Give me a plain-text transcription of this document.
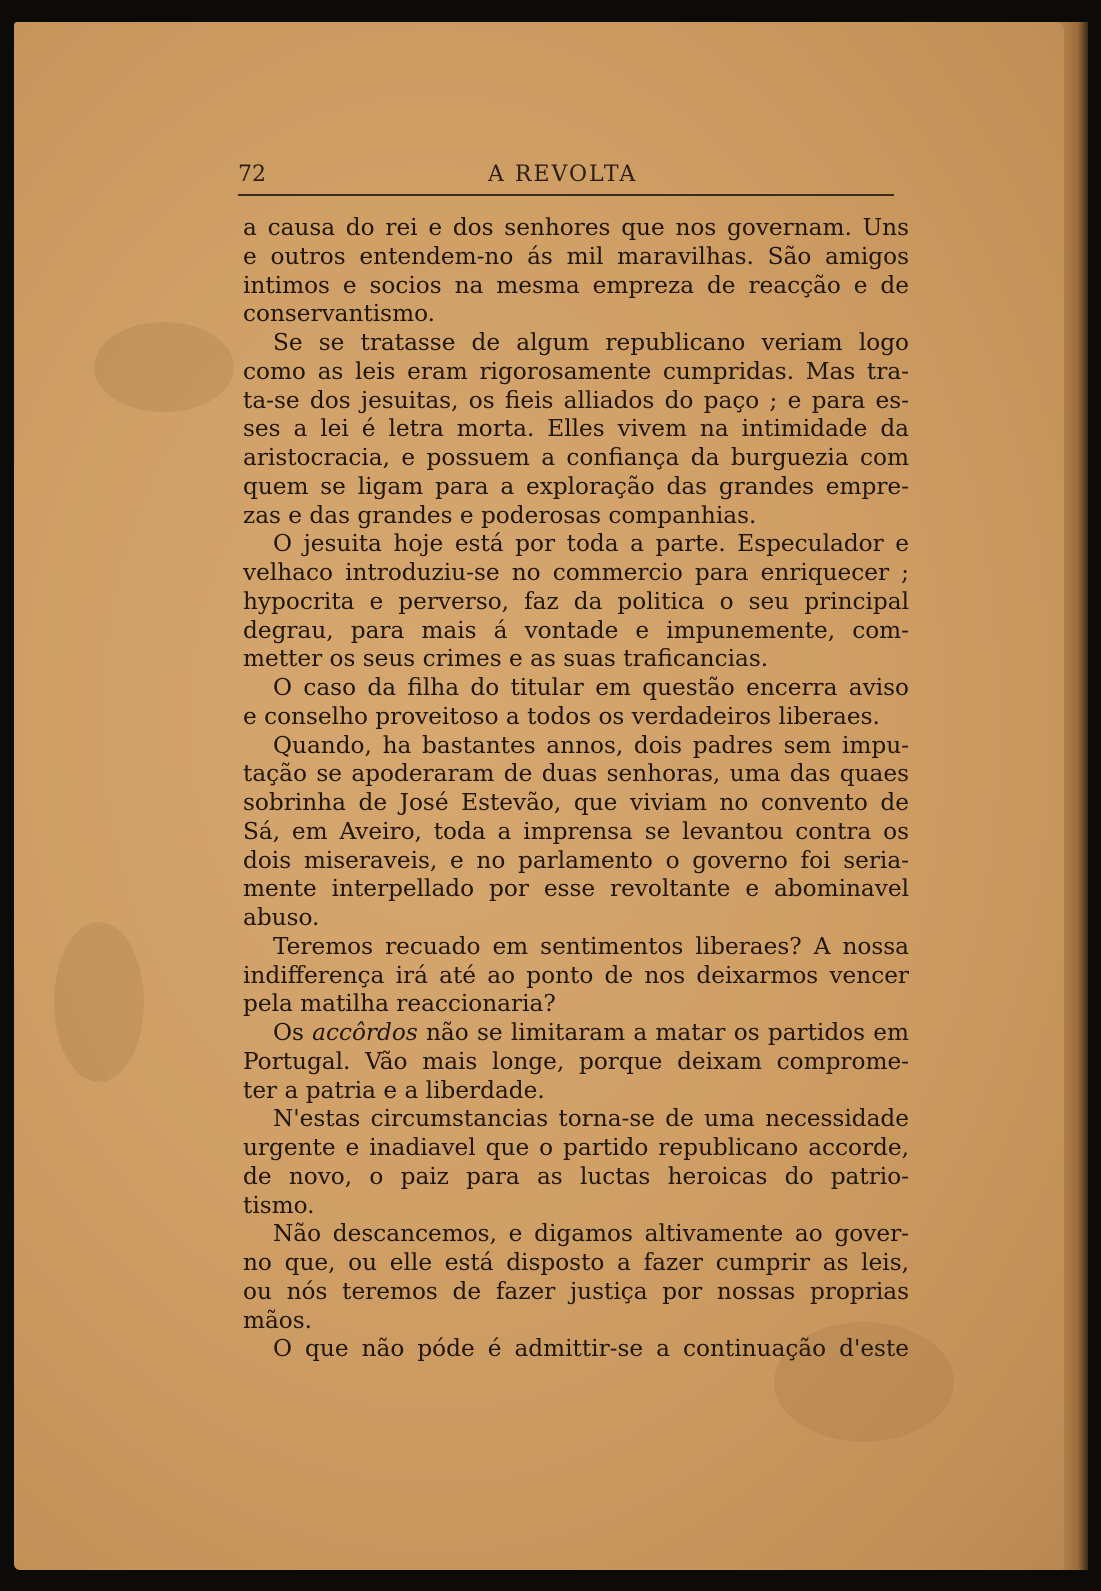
72	A REVOLTA
a causa do rei e dos senhores que nos governam. Uns
e outros entendem-no ás mil maravilhas. São amigos
intimos e socios na mesma empreza de reacção e de
conservantismo.
Se se tratasse de algum republicano veriam logo
como as leis eram rigorosamente cumpridas. Mas tra-
ta-se dos jesuitas, os fieis alliados do paço ; e para es-
ses a lei é letra morta. Elles vivem na intimidade da
aristocracia, e possuem a confiança da burguezia com
quem se ligam para a exploração das grandes empre-
zas e das grandes e poderosas companhias.
O jesuita hoje está por toda a parte. Especulador e
velhaco introduziu-se no commercio para enriquecer ;
hypocrita e perverso, faz da politica o seu principal
degrau, para mais á vontade e impunemente, com-
metter os seus crimes e as suas traficancias.
O caso da filha do titular em questão encerra aviso
e conselho proveitoso a todos os verdadeiros liberaes.
Quando, ha bastantes annos, dois padres sem impu-
tação se apoderaram de duas senhoras, uma das quaes
sobrinha de José Estevão, que viviam no convento de
Sá, em Aveiro, toda a imprensa se levantou contra os
dois miseraveis, e no parlamento o governo foi seria-
mente interpellado por esse revoltante e abominavel
abuso.
Teremos recuado em sentimentos liberaes? A nossa
indifferença irá até ao ponto de nos deixarmos vencer
pela matilha reaccionaria?
Os accôrdos não se limitaram a matar os partidos em
Portugal. Vão mais longe, porque deixam comprome-
ter a patria e a liberdade.
N'estas circumstancias torna-se de uma necessidade
urgente e inadiavel que o partido republicano accorde,
de novo, o paiz para as luctas heroicas do patrio-
tismo.
Não descancemos, e digamos altivamente ao gover-
no que, ou elle está disposto a fazer cumprir as leis,
ou nós teremos de fazer justiça por nossas proprias
mãos.
O que não póde é admittir-se a continuação d'este
